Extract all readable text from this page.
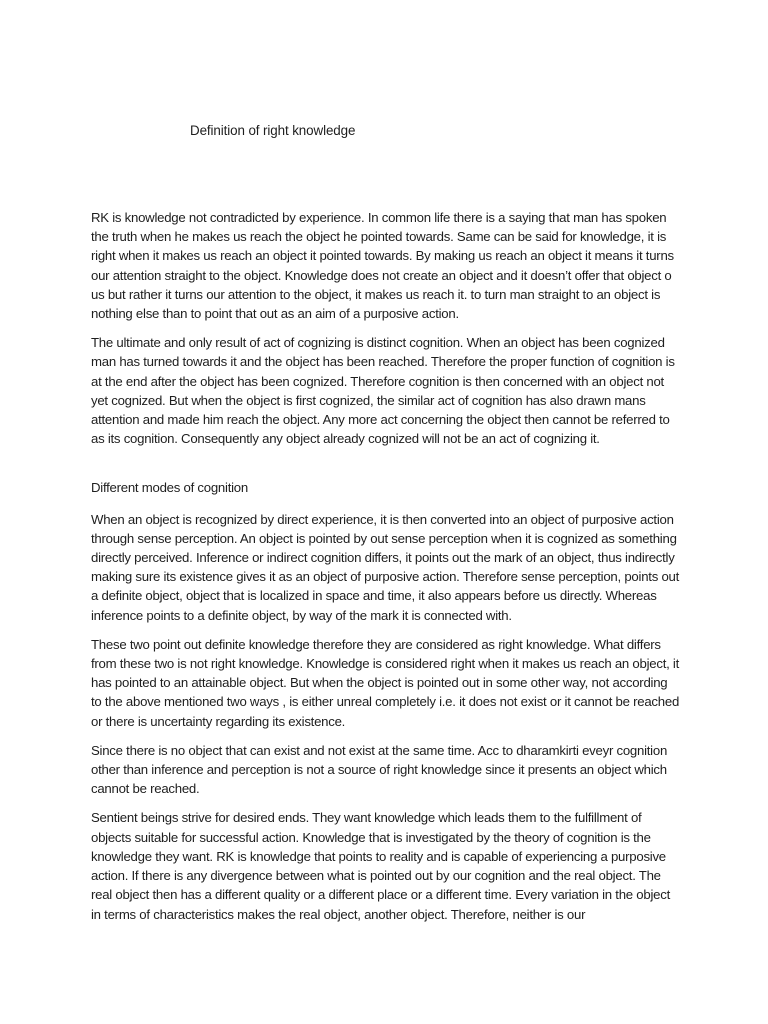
Definition of right knowledge

RK is knowledge not contradicted by experience. In common life there is a saying that man has spoken the truth when he makes us reach the object he pointed towards. Same can be said for knowledge, it is right when it makes us reach an object it pointed towards. By making us reach an object it means it turns our attention straight to the object. Knowledge does not create an object and it doesn’t offer that object o us but rather it turns our attention to the object, it makes us reach it. to turn man straight to an object is nothing else than to point that out as an aim of a purposive action.

The ultimate and only result of act of cognizing is distinct cognition. When an object has been cognized man has turned towards it and the object has been reached. Therefore the proper function of cognition is at the end after the object has been cognized. Therefore cognition is then concerned with an object not yet cognized. But when the object is first cognized, the similar act of cognition has also drawn mans attention and made him reach the object. Any more act concerning the object then cannot be referred to as its cognition. Consequently any object already cognized will not be an act of cognizing it.

Different modes of cognition

When an object is recognized by direct experience, it is then converted into an object of purposive action through sense perception. An object is pointed by out sense perception when it is cognized as something directly perceived. Inference or indirect cognition differs, it points out the mark of an object, thus indirectly making sure its existence gives it as an object of purposive action. Therefore sense perception, points out a definite object, object that is localized in space and time, it also appears before us directly. Whereas inference points to a definite object, by way of the mark it is connected with.

These two point out definite knowledge therefore they are considered as right knowledge. What differs from these two is not right knowledge. Knowledge is considered right when it makes us reach an object, it has pointed to an attainable object. But when the object is pointed out in some other way, not according to the above mentioned two ways , is either unreal completely i.e. it does not exist or it cannot be reached or there is uncertainty regarding its existence.

Since there is no object that can exist and not exist at the same time. Acc to dharamkirti eveyr cognition other than inference and perception is not a source of right knowledge since it presents an object which cannot be reached.

Sentient beings strive for desired ends. They want knowledge which leads them to the fulfillment of objects suitable for successful action. Knowledge that is investigated by the theory of cognition is the knowledge they want. RK is knowledge that points to reality and is capable of experiencing a purposive action. If there is any divergence between what is pointed out by our cognition and the real object. The real object then has a different quality or a different place or a different time. Every variation in the object in terms of characteristics makes the real object, another object. Therefore, neither is our
